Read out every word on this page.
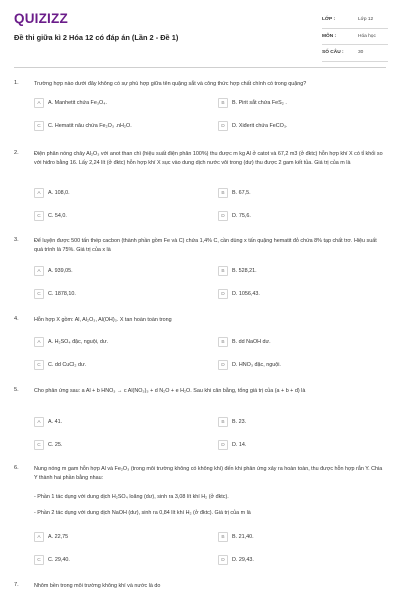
QUIZIZZ
Đề thi giữa kì 2 Hóa 12 có đáp án (Lần 2 - Đề 1)
LỚP :	Lớp 12
MÔN :	Hóa học
SỐ CÂU :	30
1.	Trường hợp nào dưới đây không có sự phù hợp giữa tên quặng sắt và công thức hợp chất chính có trong quặng?
A	A. Manhetit chứa Fe₃O₄.	B	B. Pirit sắt chứa FeS₂ .
C	C. Hematit nâu chứa Fe₂O₃ .nH₂O.	D	D. Xiđerit chứa FeCO₃.
2.	Điện phân nóng chảy Al₂O₃ với anot than chì (hiệu suất điện phân 100%) thu được m kg Al ở catot và 67,2 m3 (ở đktc) hỗn hợp khí X có tỉ khối so với hiđro bằng 16. Lấy 2,24 lít (ở đktc) hỗn hợp khí X sục vào dung dịch nước vôi trong (dư) thu được 2 gam kết tủa. Giá trị của m là
A	A. 108,0.	B	B. 67,5.
C	C. 54,0.	D	D. 75,6.
3.	Để luyện được 500 tấn thép cacbon (thành phần gồm Fe và C) chứa 1,4% C, cần dùng x tấn quặng hematit đỏ chứa 8% tạp chất trơ. Hiệu suất quá trình là 75%. Giá trị của x là
A	A. 939,05.	B	B. 528,21.
C	C. 1878,10.	D	D. 1056,43.
4.	Hỗn hợp X gồm: Al, Al₂O₃, Al(OH)₃. X tan hoàn toàn trong
A	A. H₂SO₄ đặc, nguội, dư.	B	B. dd NaOH dư.
C	C. dd CuCl₂ dư.	D	D. HNO₃ đặc, nguội.
5.	Cho phản ứng sau: a Al + b HNO₃ → c Al(NO₃)₃ + d N₂O + e H₂O. Sau khi cân bằng, tổng giá trị của (a + b + d) là
A	A. 41.	B	B. 23.
C	C. 25.	D	D. 14.
6.	Nung nóng m gam hỗn hợp Al và Fe₂O₃ (trong môi trường không có không khí) đến khi phản ứng xảy ra hoàn toàn, thu được hỗn hợp rắn Y. Chia Y thành hai phần bằng nhau:
- Phần 1 tác dụng với dung dịch H₂SO₄ loãng (dư), sinh ra 3,08 lít khí H₂ (ở đktc).
- Phần 2 tác dụng với dung dịch NaOH (dư), sinh ra 0,84 lít khí H₂ (ở đktc). Giá trị của m là
A	A. 22,75	B	B. 21,40.
C	C. 29,40.	D	D. 29,43.
7.	Nhôm bền trong môi trường không khí và nước là do
